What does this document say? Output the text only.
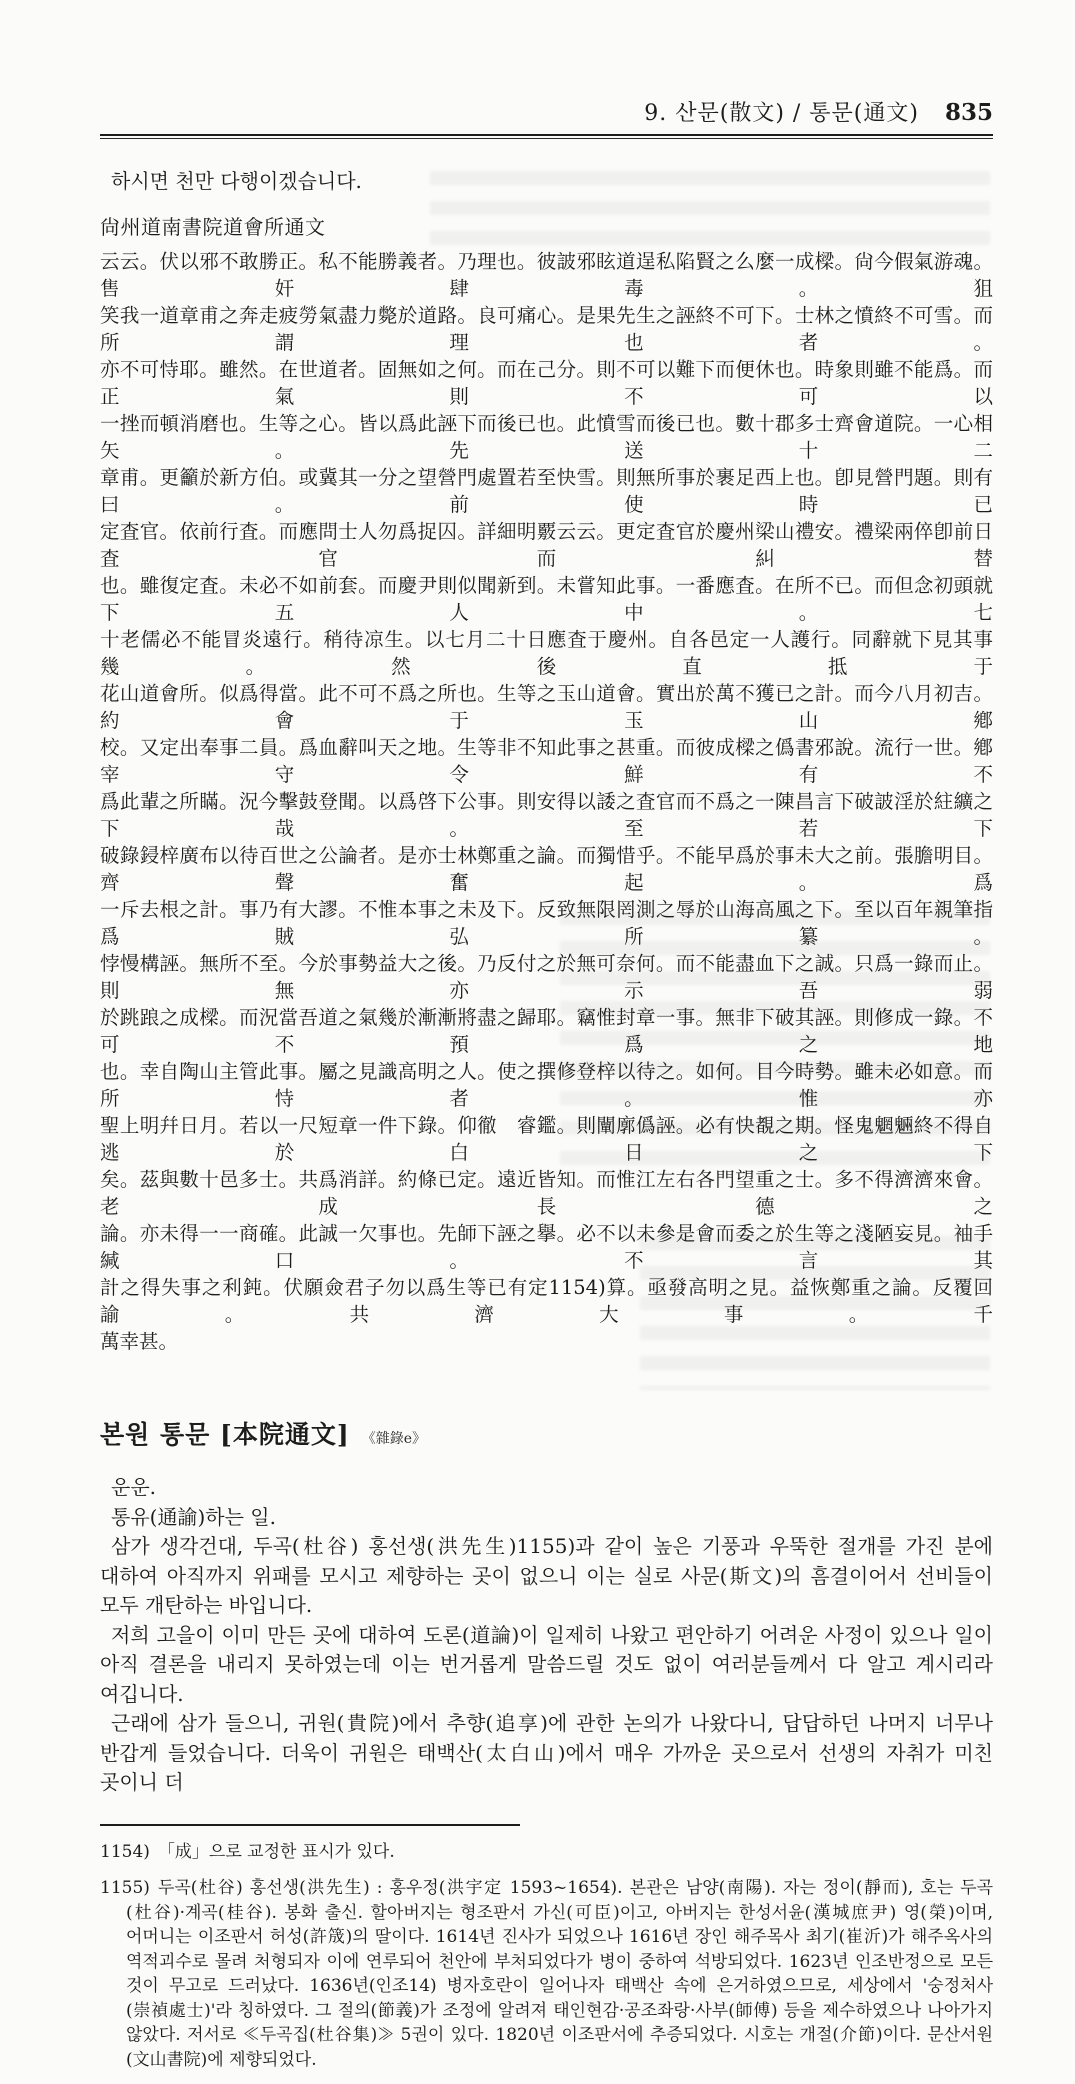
9. 산문(散文) / 통문(通文) 835
하시면 천만 다행이겠습니다.
尙州道南書院道會所通文
云云。伏以邪不敢勝正。私不能勝義者。乃理也。彼詖邪眩道逞私陷賢之么麼一成樑。尙今假氣游魂。售奸肆毒。狙
笑我一道章甫之奔走疲勞氣盡力斃於道路。良可痛心。是果先生之誣終不可下。士林之憤終不可雪。而所謂理也者。
亦不可恃耶。雖然。在世道者。固無如之何。而在己分。則不可以難下而便休也。時象則雖不能爲。而正氣則不可以
一挫而頓消磨也。生等之心。皆以爲此誣下而後已也。此憤雪而後已也。數十郡多士齊會道院。一心相矢。先送十二
章甫。更籲於新方伯。或冀其一分之望營門處置若至快雪。則無所事於裹足西上也。卽見營門題。則有曰。前使時已
定査官。依前行査。而應問士人勿爲捉囚。詳細明覈云云。更定査官於慶州梁山禮安。禮梁兩倅卽前日査官而糾替
也。雖復定査。未必不如前套。而慶尹則似聞新到。未嘗知此事。一番應査。在所不已。而但念初頭就下五人中。七
十老儒必不能冒炎遠行。稍待凉生。以七月二十日應査于慶州。自各邑定一人護行。同辭就下見其事幾。然後直抵于
花山道會所。似爲得當。此不可不爲之所也。生等之玉山道會。實出於萬不獲已之計。而今八月初吉。約會于玉山鄕
校。又定出奉事二員。爲血辭叫天之地。生等非不知此事之甚重。而彼成樑之僞書邪說。流行一世。鄕宰守令鮮有不
爲此輩之所瞞。況今擊鼓登聞。以爲啓下公事。則安得以諉之査官而不爲之一陳昌言下破詖淫於紸纊之下哉。至若下
破錄鋟梓廣布以待百世之公論者。是亦士林鄭重之論。而獨惜乎。不能早爲於事未大之前。張膽明目。齊聲奮起。爲
一斥去根之計。事乃有大謬。不惟本事之未及下。反致無限罔測之辱於山海高風之下。至以百年親筆指爲賊弘所纂。
悖慢構誣。無所不至。今於事勢益大之後。乃反付之於無可奈何。而不能盡血下之誠。只爲一錄而止。則無亦示吾弱
於跳踉之成樑。而況當吾道之氣幾於漸漸將盡之歸耶。竊惟封章一事。無非下破其誣。則修成一錄。不可不預爲之地
也。幸自陶山主管此事。屬之見識高明之人。使之撰修登梓以待之。如何。目今時勢。雖未必如意。而所恃者。惟亦
聖上明幷日月。若以一尺短章一件下錄。仰徹　睿鑑。則闡廓僞誣。必有快覩之期。怪鬼魍魎終不得自逃於白日之下
矣。茲與數十邑多士。共爲消詳。約條已定。遠近皆知。而惟江左右各門望重之士。多不得濟濟來會。老成長德之
論。亦未得一一商確。此誠一欠事也。先師下誣之擧。必不以未參是會而委之於生等之淺陋妄見。袖手緘口。不言其
計之得失事之利鈍。伏願僉君子勿以爲生等已有定1154)算。亟發高明之見。益恢鄭重之論。反覆回諭。共濟大事。千
萬幸甚。
본원 통문 [本院通文] 《雜錄e》
운운.
통유(通諭)하는 일.
삼가 생각건대, 두곡(杜谷) 홍선생(洪先生)1155)과 같이 높은 기풍과 우뚝한 절개를 가진 분에 대하여 아직까지 위패를 모시고 제향하는 곳이 없으니 이는 실로 사문(斯文)의 흠결이어서 선비들이 모두 개탄하는 바입니다.
저희 고을이 이미 만든 곳에 대하여 도론(道論)이 일제히 나왔고 편안하기 어려운 사정이 있으나 일이 아직 결론을 내리지 못하였는데 이는 번거롭게 말씀드릴 것도 없이 여러분들께서 다 알고 계시리라 여깁니다.
근래에 삼가 들으니, 귀원(貴院)에서 추향(追享)에 관한 논의가 나왔다니, 답답하던 나머지 너무나 반갑게 들었습니다. 더욱이 귀원은 태백산(太白山)에서 매우 가까운 곳으로서 선생의 자취가 미친 곳이니 더
1154) 「成」으로 교정한 표시가 있다.
1155) 두곡(杜谷) 홍선생(洪先生) : 홍우정(洪宇定 1593~1654). 본관은 남양(南陽). 자는 정이(靜而), 호는 두곡(杜谷)·계곡(桂谷). 봉화 출신. 할아버지는 형조판서 가신(可臣)이고, 아버지는 한성서윤(漢城庶尹) 영(榮)이며, 어머니는 이조판서 허성(許筬)의 딸이다. 1614년 진사가 되었으나 1616년 장인 해주목사 최기(崔沂)가 해주옥사의 역적괴수로 몰려 처형되자 이에 연루되어 천안에 부처되었다가 병이 중하여 석방되었다. 1623년 인조반정으로 모든 것이 무고로 드러났다. 1636년(인조14) 병자호란이 일어나자 태백산 속에 은거하였으므로, 세상에서 '숭정처사(崇禎處士)'라 칭하였다. 그 절의(節義)가 조정에 알려져 태인현감·공조좌랑·사부(師傅) 등을 제수하였으나 나아가지 않았다. 저서로 ≪두곡집(杜谷集)≫ 5권이 있다. 1820년 이조판서에 추증되었다. 시호는 개절(介節)이다. 문산서원(文山書院)에 제향되었다.
